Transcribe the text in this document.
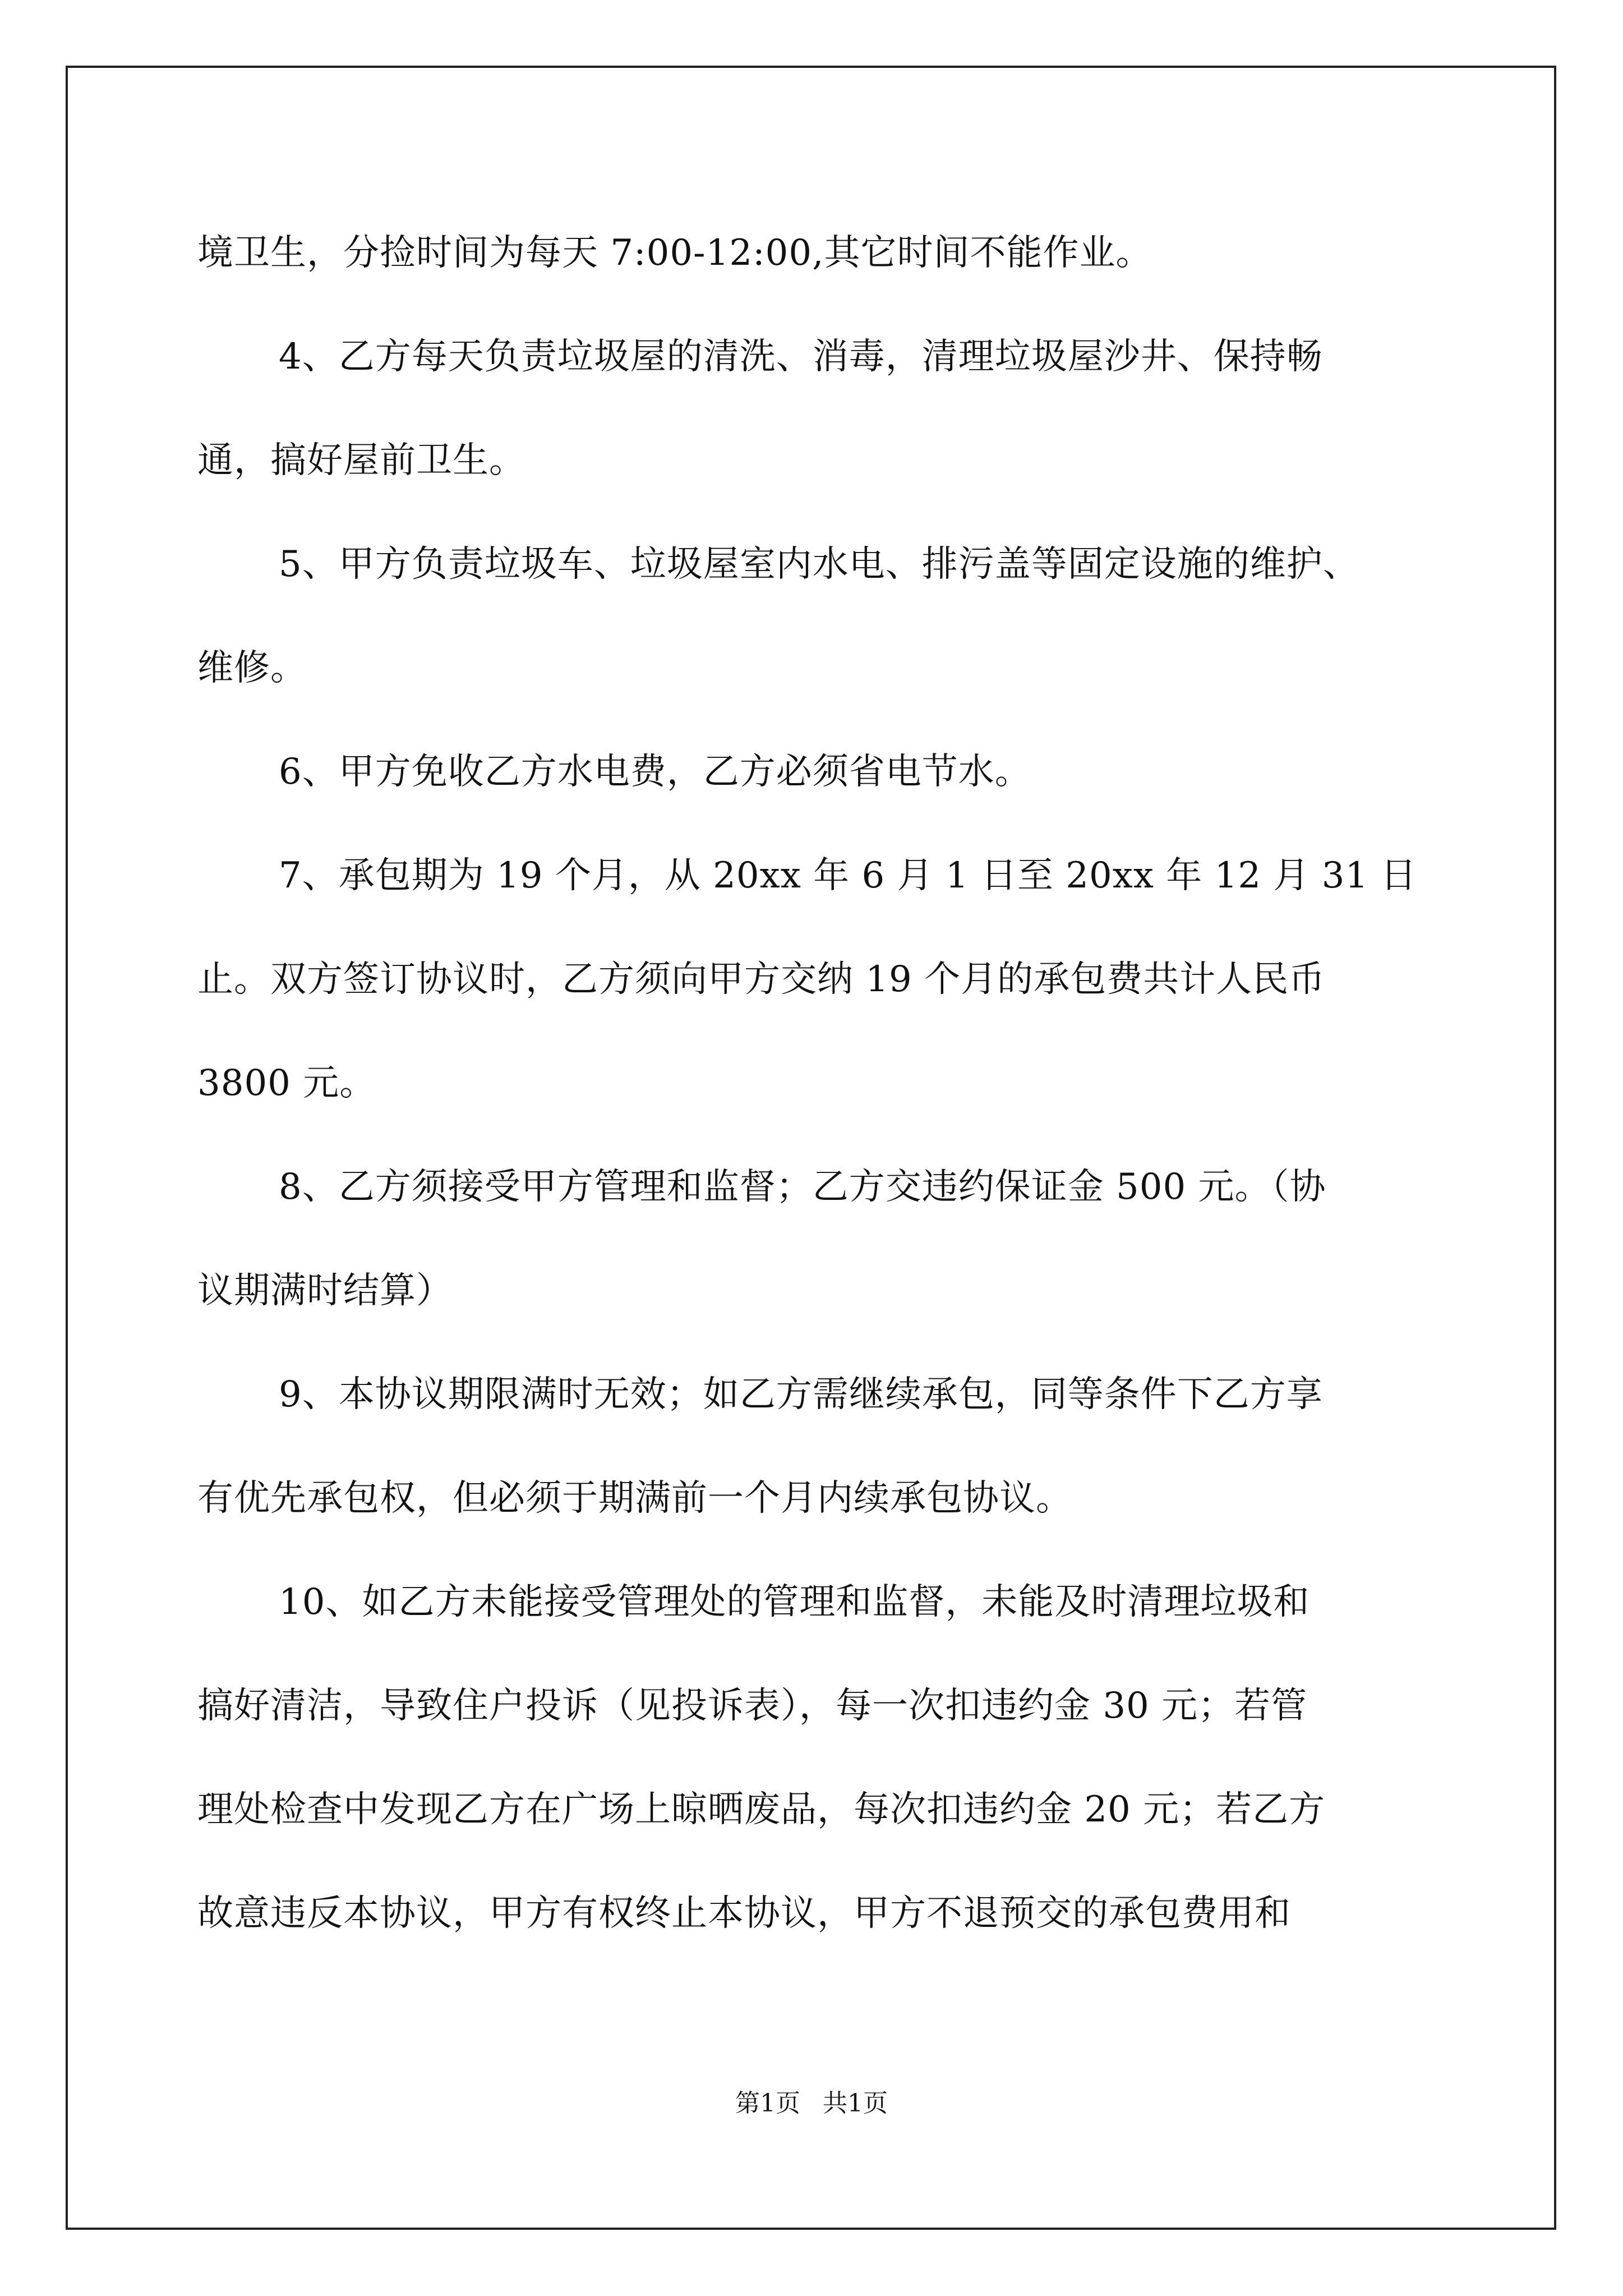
境卫生，分捡时间为每天 7:00-12:00,其它时间不能作业。
4、乙方每天负责垃圾屋的清洗、消毒，清理垃圾屋沙井、保持畅
通，搞好屋前卫生。
5、甲方负责垃圾车、垃圾屋室内水电、排污盖等固定设施的维护、
维修。
6、甲方免收乙方水电费，乙方必须省电节水。
7、承包期为 19 个月，从 20xx 年 6 月 1 日至 20xx 年 12 月 31 日
止。双方签订协议时，乙方须向甲方交纳 19 个月的承包费共计人民币
3800 元。
8、乙方须接受甲方管理和监督；乙方交违约保证金 500 元。（协
议期满时结算）
9、本协议期限满时无效；如乙方需继续承包，同等条件下乙方享
有优先承包权，但必须于期满前一个月内续承包协议。
10、如乙方未能接受管理处的管理和监督，未能及时清理垃圾和
搞好清洁，导致住户投诉（见投诉表），每一次扣违约金 30 元；若管
理处检查中发现乙方在广场上晾晒废品，每次扣违约金 20 元；若乙方
故意违反本协议，甲方有权终止本协议，甲方不退预交的承包费用和
第1页 共1页
